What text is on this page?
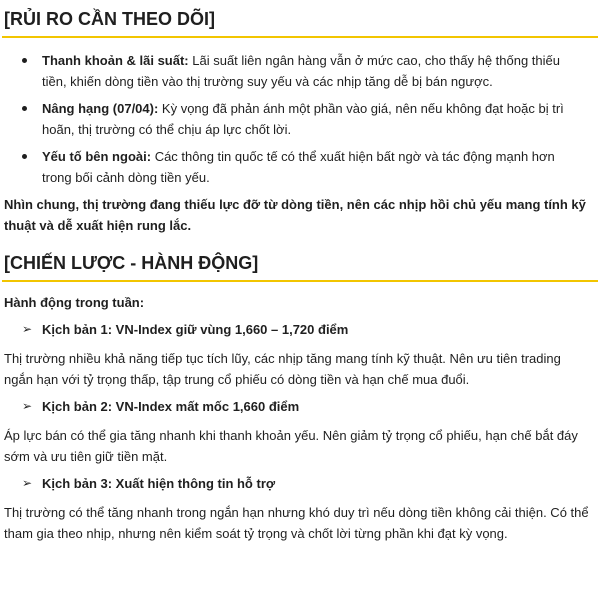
[RỦI RO CẦN THEO DÕI]
Thanh khoản & lãi suất: Lãi suất liên ngân hàng vẫn ở mức cao, cho thấy hệ thống thiếu tiền, khiến dòng tiền vào thị trường suy yếu và các nhịp tăng dễ bị bán ngược.
Nâng hạng (07/04): Kỳ vọng đã phản ánh một phần vào giá, nên nếu không đạt hoặc bị trì hoãn, thị trường có thể chịu áp lực chốt lời.
Yếu tố bên ngoài: Các thông tin quốc tế có thể xuất hiện bất ngờ và tác động mạnh hơn trong bối cảnh dòng tiền yếu.
Nhìn chung, thị trường đang thiếu lực đỡ từ dòng tiền, nên các nhịp hồi chủ yếu mang tính kỹ thuật và dễ xuất hiện rung lắc.
[CHIẾN LƯỢC - HÀNH ĐỘNG]
Hành động trong tuần:
➢ Kịch bản 1: VN-Index giữ vùng 1,660 – 1,720 điểm
Thị trường nhiều khả năng tiếp tục tích lũy, các nhịp tăng mang tính kỹ thuật. Nên ưu tiên trading ngắn hạn với tỷ trọng thấp, tập trung cổ phiếu có dòng tiền và hạn chế mua đuổi.
➢ Kịch bản 2: VN-Index mất mốc 1,660 điểm
Áp lực bán có thể gia tăng nhanh khi thanh khoản yếu. Nên giảm tỷ trọng cổ phiếu, hạn chế bắt đáy sớm và ưu tiên giữ tiền mặt.
➢ Kịch bản 3: Xuất hiện thông tin hỗ trợ
Thị trường có thể tăng nhanh trong ngắn hạn nhưng khó duy trì nếu dòng tiền không cải thiện. Có thể tham gia theo nhịp, nhưng nên kiểm soát tỷ trọng và chốt lời từng phần khi đạt kỳ vọng.
